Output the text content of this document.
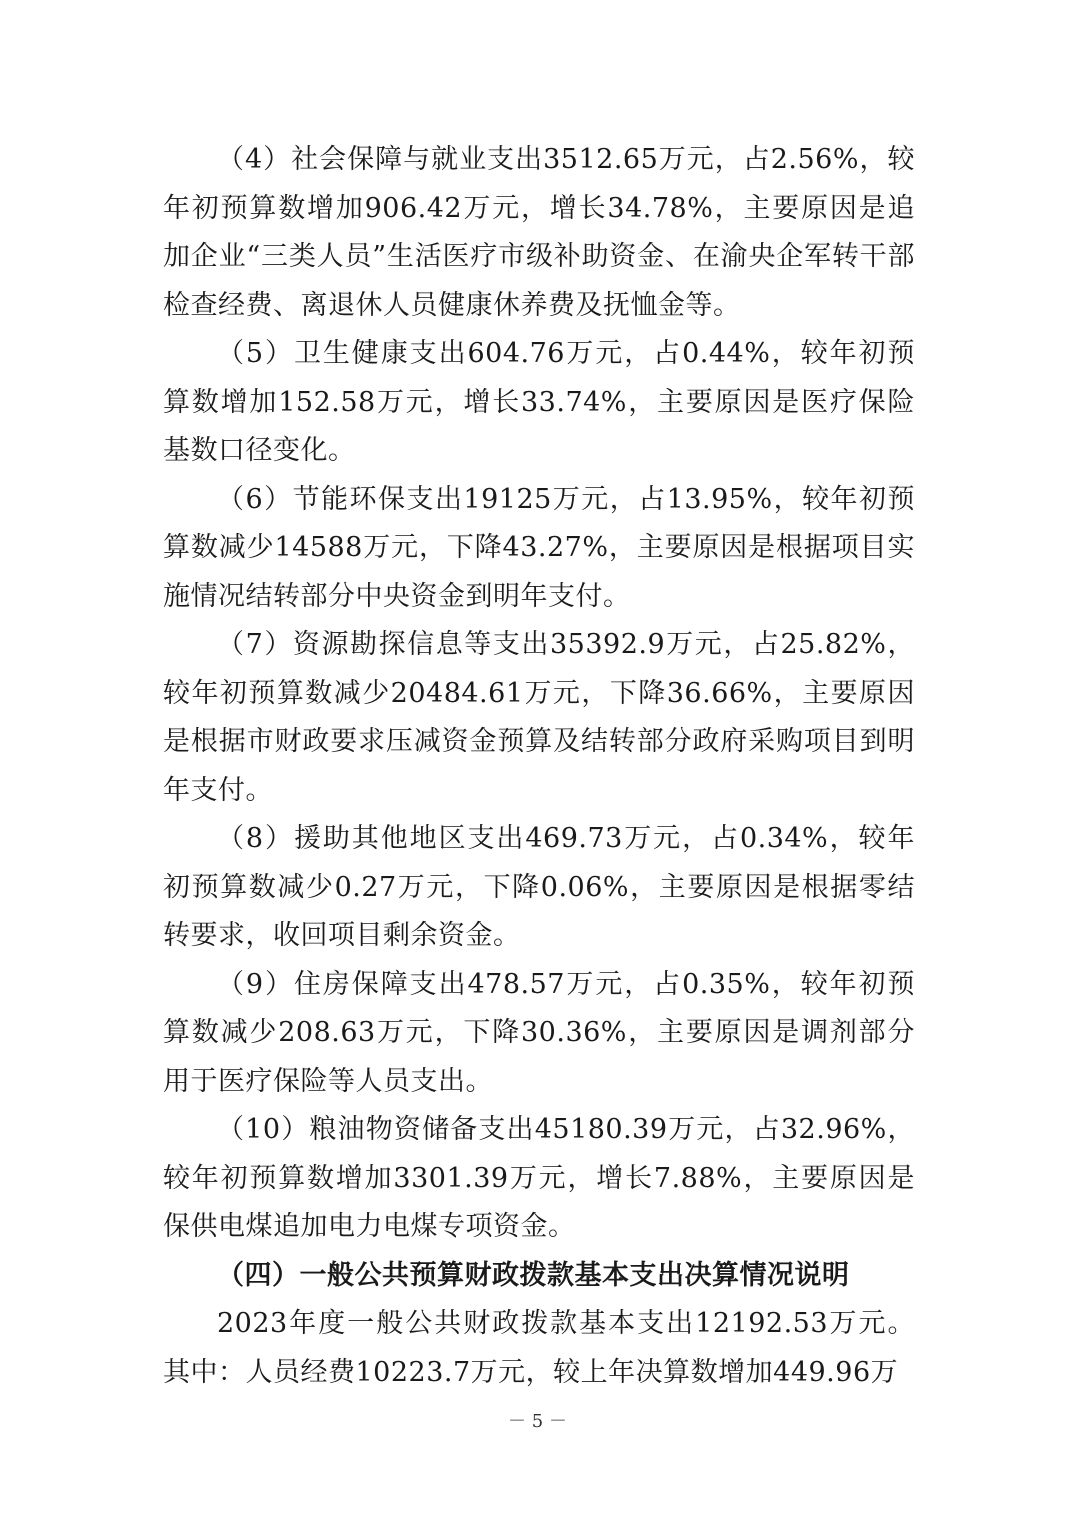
（4）社会保障与就业支出3512.65万元，占2.56%，较年初预算数增加906.42万元，增长34.78%，主要原因是追加企业“三类人员”生活医疗市级补助资金、在渝央企军转干部检查经费、离退休人员健康休养费及抚恤金等。

（5）卫生健康支出604.76万元，占0.44%，较年初预算数增加152.58万元，增长33.74%，主要原因是医疗保险基数口径变化。

（6）节能环保支出19125万元，占13.95%，较年初预算数减少14588万元，下降43.27%，主要原因是根据项目实施情况结转部分中央资金到明年支付。

（7）资源勘探信息等支出35392.9万元，占25.82%，较年初预算数减少20484.61万元，下降36.66%，主要原因是根据市财政要求压减资金预算及结转部分政府采购项目到明年支付。

（8）援助其他地区支出469.73万元，占0.34%，较年初预算数减少0.27万元，下降0.06%，主要原因是根据零结转要求，收回项目剩余资金。

（9）住房保障支出478.57万元，占0.35%，较年初预算数减少208.63万元，下降30.36%，主要原因是调剂部分用于医疗保险等人员支出。

（10）粮油物资储备支出45180.39万元，占32.96%，较年初预算数增加3301.39万元，增长7.88%，主要原因是保供电煤追加电力电煤专项资金。

（四）一般公共预算财政拨款基本支出决算情况说明

2023年度一般公共财政拨款基本支出12192.53万元。其中：人员经费10223.7万元，较上年决算数增加449.96万

－ 5 －
